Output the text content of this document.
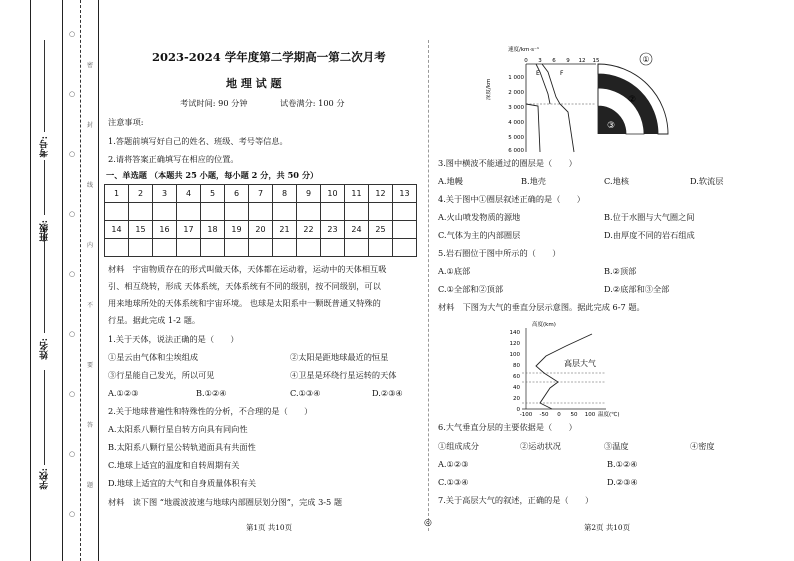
学校:
姓名:
班级:
考号:
○
○
○
○
○
○
○
○
○
密
封
线
内
不
要
答
题
2023-2024 学年度第二学期高一第二次月考
地 理 试 题
考试时间: 90 分钟	试卷满分: 100 分
注意事项:
1.答题前填写好自己的姓名、班级、考号等信息。
2.请将答案正确填写在相应的位置。
一、单选题 （本题共 25 小题，每小题 2 分，共 50 分）
1	2	3	4	5	6	7	8	9	10	11	12	13

14	15	16	17	18	19	20	21	22	23	24	25	

材料　宇宙物质存在的形式叫做天体，天体都在运动着，运动中的天体相互吸
引、相互绕转，形成 天体系统，天体系统有不同的级别，按不同级别，可以
用来地球所处的天体系统和宇宙环境。 也球是太阳系中一颗既普通又特殊的
行星。据此完成 1-2 题。
1.关于天体，说法正确的是（　　）
①星云由气体和尘埃组成	②太阳是距地球最近的恒星
③行星能自己发光，所以可见	④卫星是环绕行星运转的天体
A.①②③	B.①②④	C.①③④	D.②③④
2.关于地球普遍性和特殊性的分析，不合理的是（　　）
A.太阳系八颗行星自转方向具有同向性
B.太阳系八颗行星公转轨道面具有共面性
C.地球上适宜的温度和自转周期有关
D.地球上适宜的大气和自身质量体积有关
材料　读下图 “地震波波速与地球内部圈层划分图”，完成 3-5 题
第1页 共10页	◎
速度/km·s⁻¹
深度/km
0 3 6 9 12 15
1 000
2 000
3 000
4 000
5 000
6 000
E	F
①
②
③
3.图中横波不能通过的圈层是（　　）
A.地幔	B.地壳	C.地核	D.软流层
4.关于图中①圈层叙述正确的是（　　）
A.火山喷发物质的源地	B.位于水圈与大气圈之间
C.气体为主的内部圈层	D.由厚度不同的岩石组成
5.岩石圈位于图中所示的（　　）
A.①底部	B.②顶部
C.①全部和②顶部	D.②底部和③全部
材料　下图为大气的垂直分层示意图。据此完成 6-7 题。
高度(km)
140
120
100
80
60
40
20
0
高层大气
-100 -50 0 50 100 温度(℃)
6.大气垂直分层的主要依据是（　　）
①组成成分	②运动状况	③温度	④密度
A.①②③	B.①②④
C.①③④	D.②③④
7.关于高层大气的叙述，正确的是（　　）
第2页 共10页
